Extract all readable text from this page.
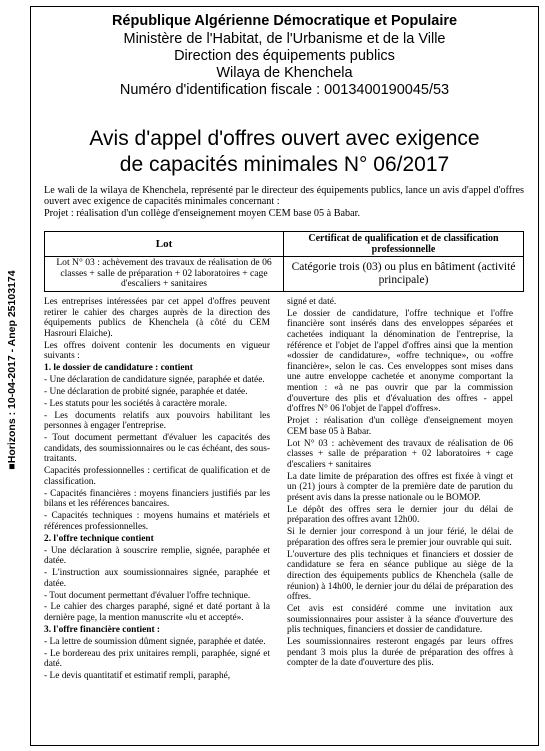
■Horizons : 10-04-2017 - Anep 25103174
République Algérienne Démocratique et Populaire
Ministère de l'Habitat, de l'Urbanisme et de la Ville
Direction des équipements publics
Wilaya de Khenchela
Numéro d'identification fiscale : 0013400190045/53
Avis d'appel d'offres ouvert avec exigence
de capacités minimales N° 06/2017

Le wali de la wilaya de Khenchela, représenté par le directeur des équipements publics, lance un avis d'appel d'offres ouvert avec exigence de capacités minimales concernant :

Projet : réalisation d'un collège d'enseignement moyen CEM base 05 à Babar.

Lot	Certificat de qualification et de classification professionnelle
Lot N° 03 : achèvement des travaux de réalisation de 06 classes + salle de préparation + 02 laboratoires + cage d'escaliers + sanitaires	Catégorie trois (03) ou plus en bâtiment (activité principale)

Les entreprises intéressées par cet appel d'offres peuvent retirer le cahier des charges auprès de la direction des équipements publics de Khenchela (à côté du CEM Hasrouri Elaiche).

Les offres doivent contenir les documents en vigueur suivants :

1. le dossier de candidature : contient

- Une déclaration de candidature signée, paraphée et datée.

- Une déclaration de probité signée, paraphée et datée.

- Les statuts pour les sociétés à caractère morale.

- Les documents relatifs aux pouvoirs habilitant les personnes à engager l'entreprise.

- Tout document permettant d'évaluer les capacités des candidats, des soumissionnaires ou le cas échéant, des sous-traitants.

Capacités professionnelles : certificat de qualification et de classification.

- Capacités financières : moyens financiers justifiés par les bilans et les références bancaires.

- Capacités techniques : moyens humains et matériels et références professionnelles.

2. l'offre technique contient

- Une déclaration à souscrire remplie, signée, paraphée et datée.

- L'instruction aux soumissionnaires signée, paraphée et datée.

- Tout document permettant d'évaluer l'offre technique.

- Le cahier des charges paraphé, signé et daté portant à la dernière page, la mention manuscrite «lu et accepté».

3. l'offre financière contient :

- La lettre de soumission dûment signée, paraphée et datée.

- Le bordereau des prix unitaires rempli, paraphée, signé et daté.

- Le devis quantitatif et estimatif rempli, paraphé,

signé et daté.

Le dossier de candidature, l'offre technique et l'offre financière sont insérés dans des enveloppes séparées et cachetées indiquant la dénomination de l'entreprise, la référence et l'objet de l'appel d'offres ainsi que la mention «dossier de candidature», «offre technique», ou «offre financière», selon le cas. Ces enveloppes sont mises dans une autre enveloppe cachetée et anonyme comportant la mention : «à ne pas ouvrir que par la commission d'ouverture des plis et d'évaluation des offres - appel d'offres N° 06 l'objet de l'appel d'offres».

Projet : réalisation d'un collège d'enseignement moyen CEM base 05 à Babar.

Lot N° 03 : achèvement des travaux de réalisation de 06 classes + salle de préparation + 02 laboratoires + cage d'escaliers + sanitaires

La date limite de préparation des offres est fixée à vingt et un (21) jours à compter de la première date de parution du présent avis dans la presse nationale ou le BOMOP.

Le dépôt des offres sera le dernier jour du délai de préparation des offres avant 12h00.

Si le dernier jour correspond à un jour férié, le délai de préparation des offres sera le premier jour ouvrable qui suit.

L'ouverture des plis techniques et financiers et dossier de candidature se fera en séance publique au siège de la direction des équipements publics de Khenchela (salle de réunion) à 14h00, le dernier jour du délai de préparation des offres.

Cet avis est considéré comme une invitation aux soumissionnaires pour assister à la séance d'ouverture des plis techniques, financiers et dossier de candidature.

Les soumissionnaires resteront engagés par leurs offres pendant 3 mois plus la durée de préparation des offres à compter de la date d'ouverture des plis.
